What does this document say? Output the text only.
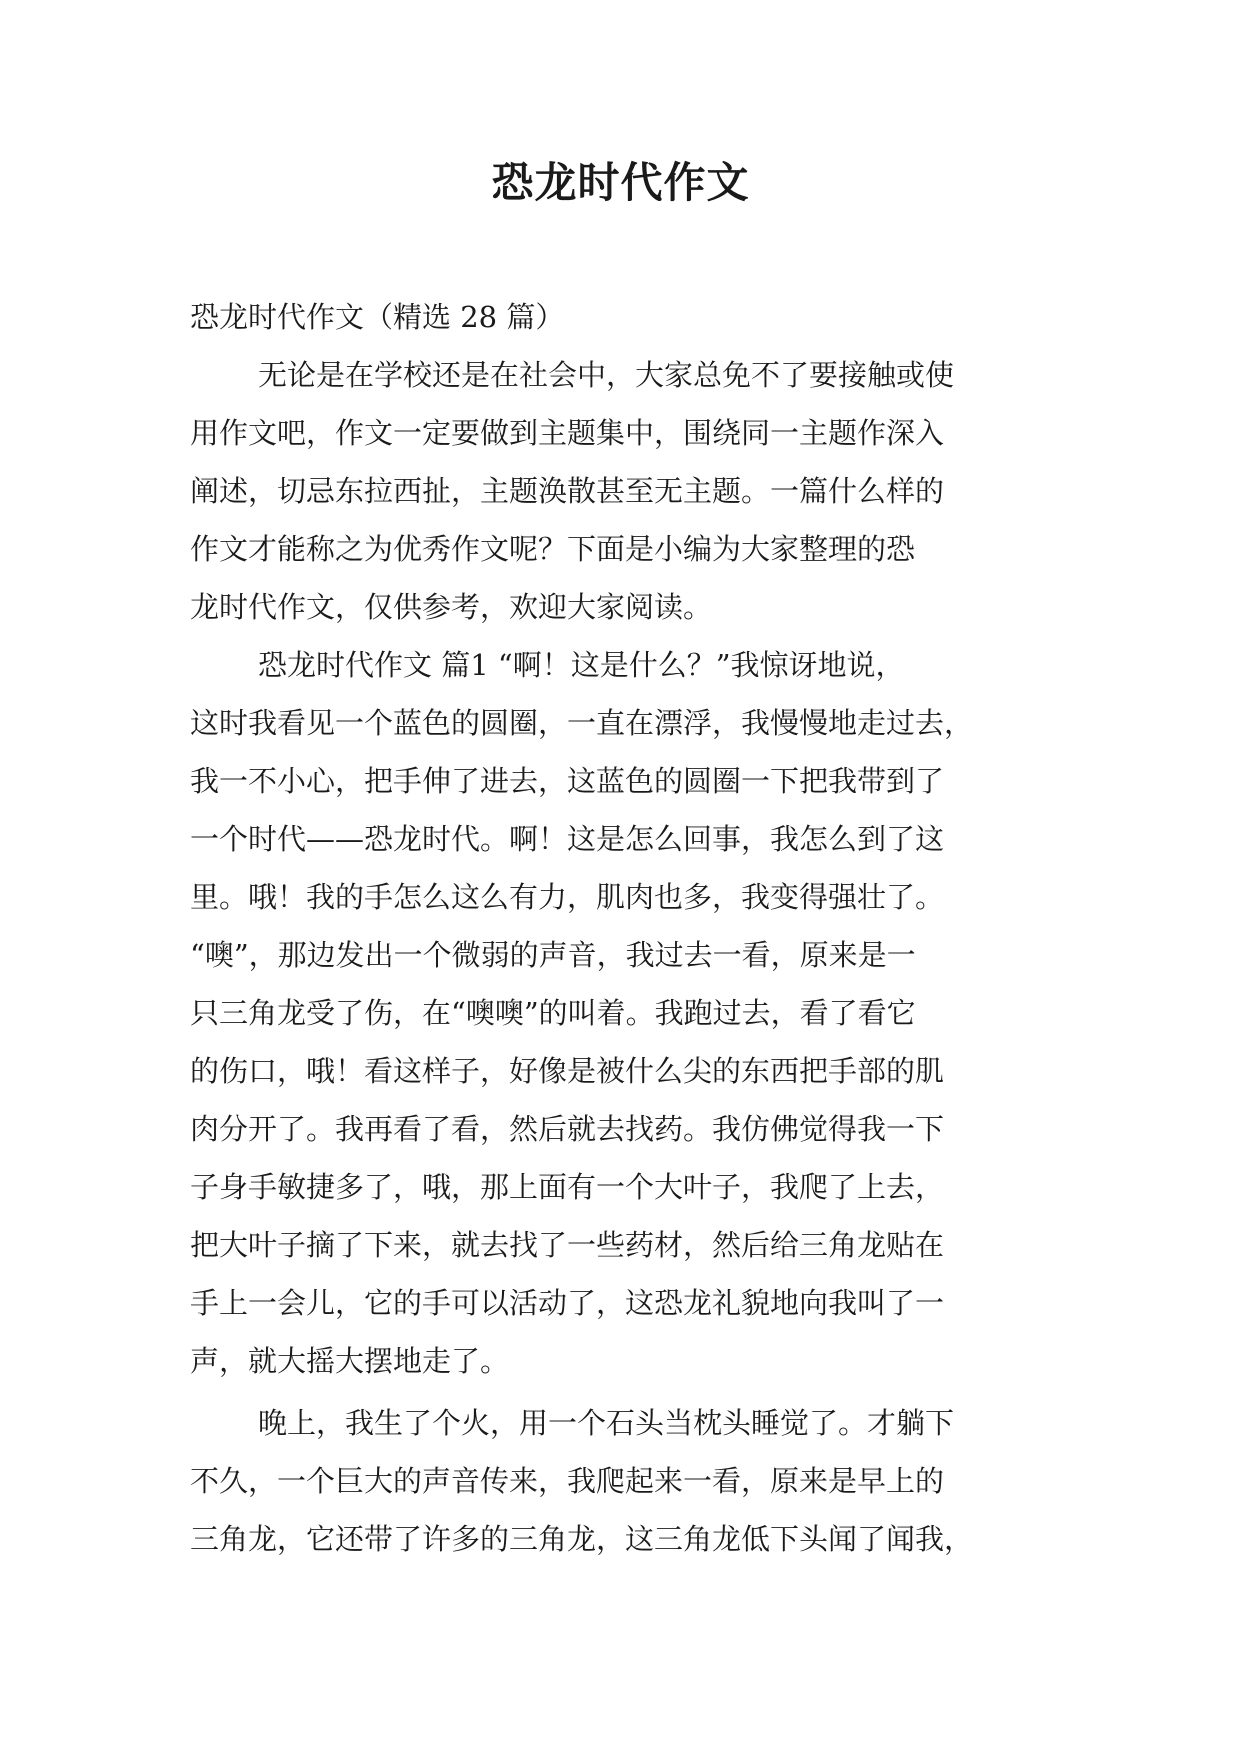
恐龙时代作文

恐龙时代作文（精选 28 篇）

无论是在学校还是在社会中，大家总免不了要接触或使

用作文吧，作文一定要做到主题集中，围绕同一主题作深入

阐述，切忌东拉西扯，主题涣散甚至无主题。一篇什么样的

作文才能称之为优秀作文呢？下面是小编为大家整理的恐

龙时代作文，仅供参考，欢迎大家阅读。

恐龙时代作文 篇1 “啊！这是什么？”我惊讶地说，

这时我看见一个蓝色的圆圈，一直在漂浮，我慢慢地走过去，

我一不小心，把手伸了进去，这蓝色的圆圈一下把我带到了

一个时代——恐龙时代。啊！这是怎么回事，我怎么到了这

里。哦！我的手怎么这么有力，肌肉也多，我变得强壮了。

“噢”，那边发出一个微弱的声音，我过去一看，原来是一

只三角龙受了伤，在“噢噢”的叫着。我跑过去，看了看它

的伤口，哦！看这样子，好像是被什么尖的东西把手部的肌

肉分开了。我再看了看，然后就去找药。我仿佛觉得我一下

子身手敏捷多了，哦，那上面有一个大叶子，我爬了上去，

把大叶子摘了下来，就去找了一些药材，然后给三角龙贴在

手上一会儿，它的手可以活动了，这恐龙礼貌地向我叫了一

声，就大摇大摆地走了。

晚上，我生了个火，用一个石头当枕头睡觉了。才躺下

不久，一个巨大的声音传来，我爬起来一看，原来是早上的

三角龙，它还带了许多的三角龙，这三角龙低下头闻了闻我，
